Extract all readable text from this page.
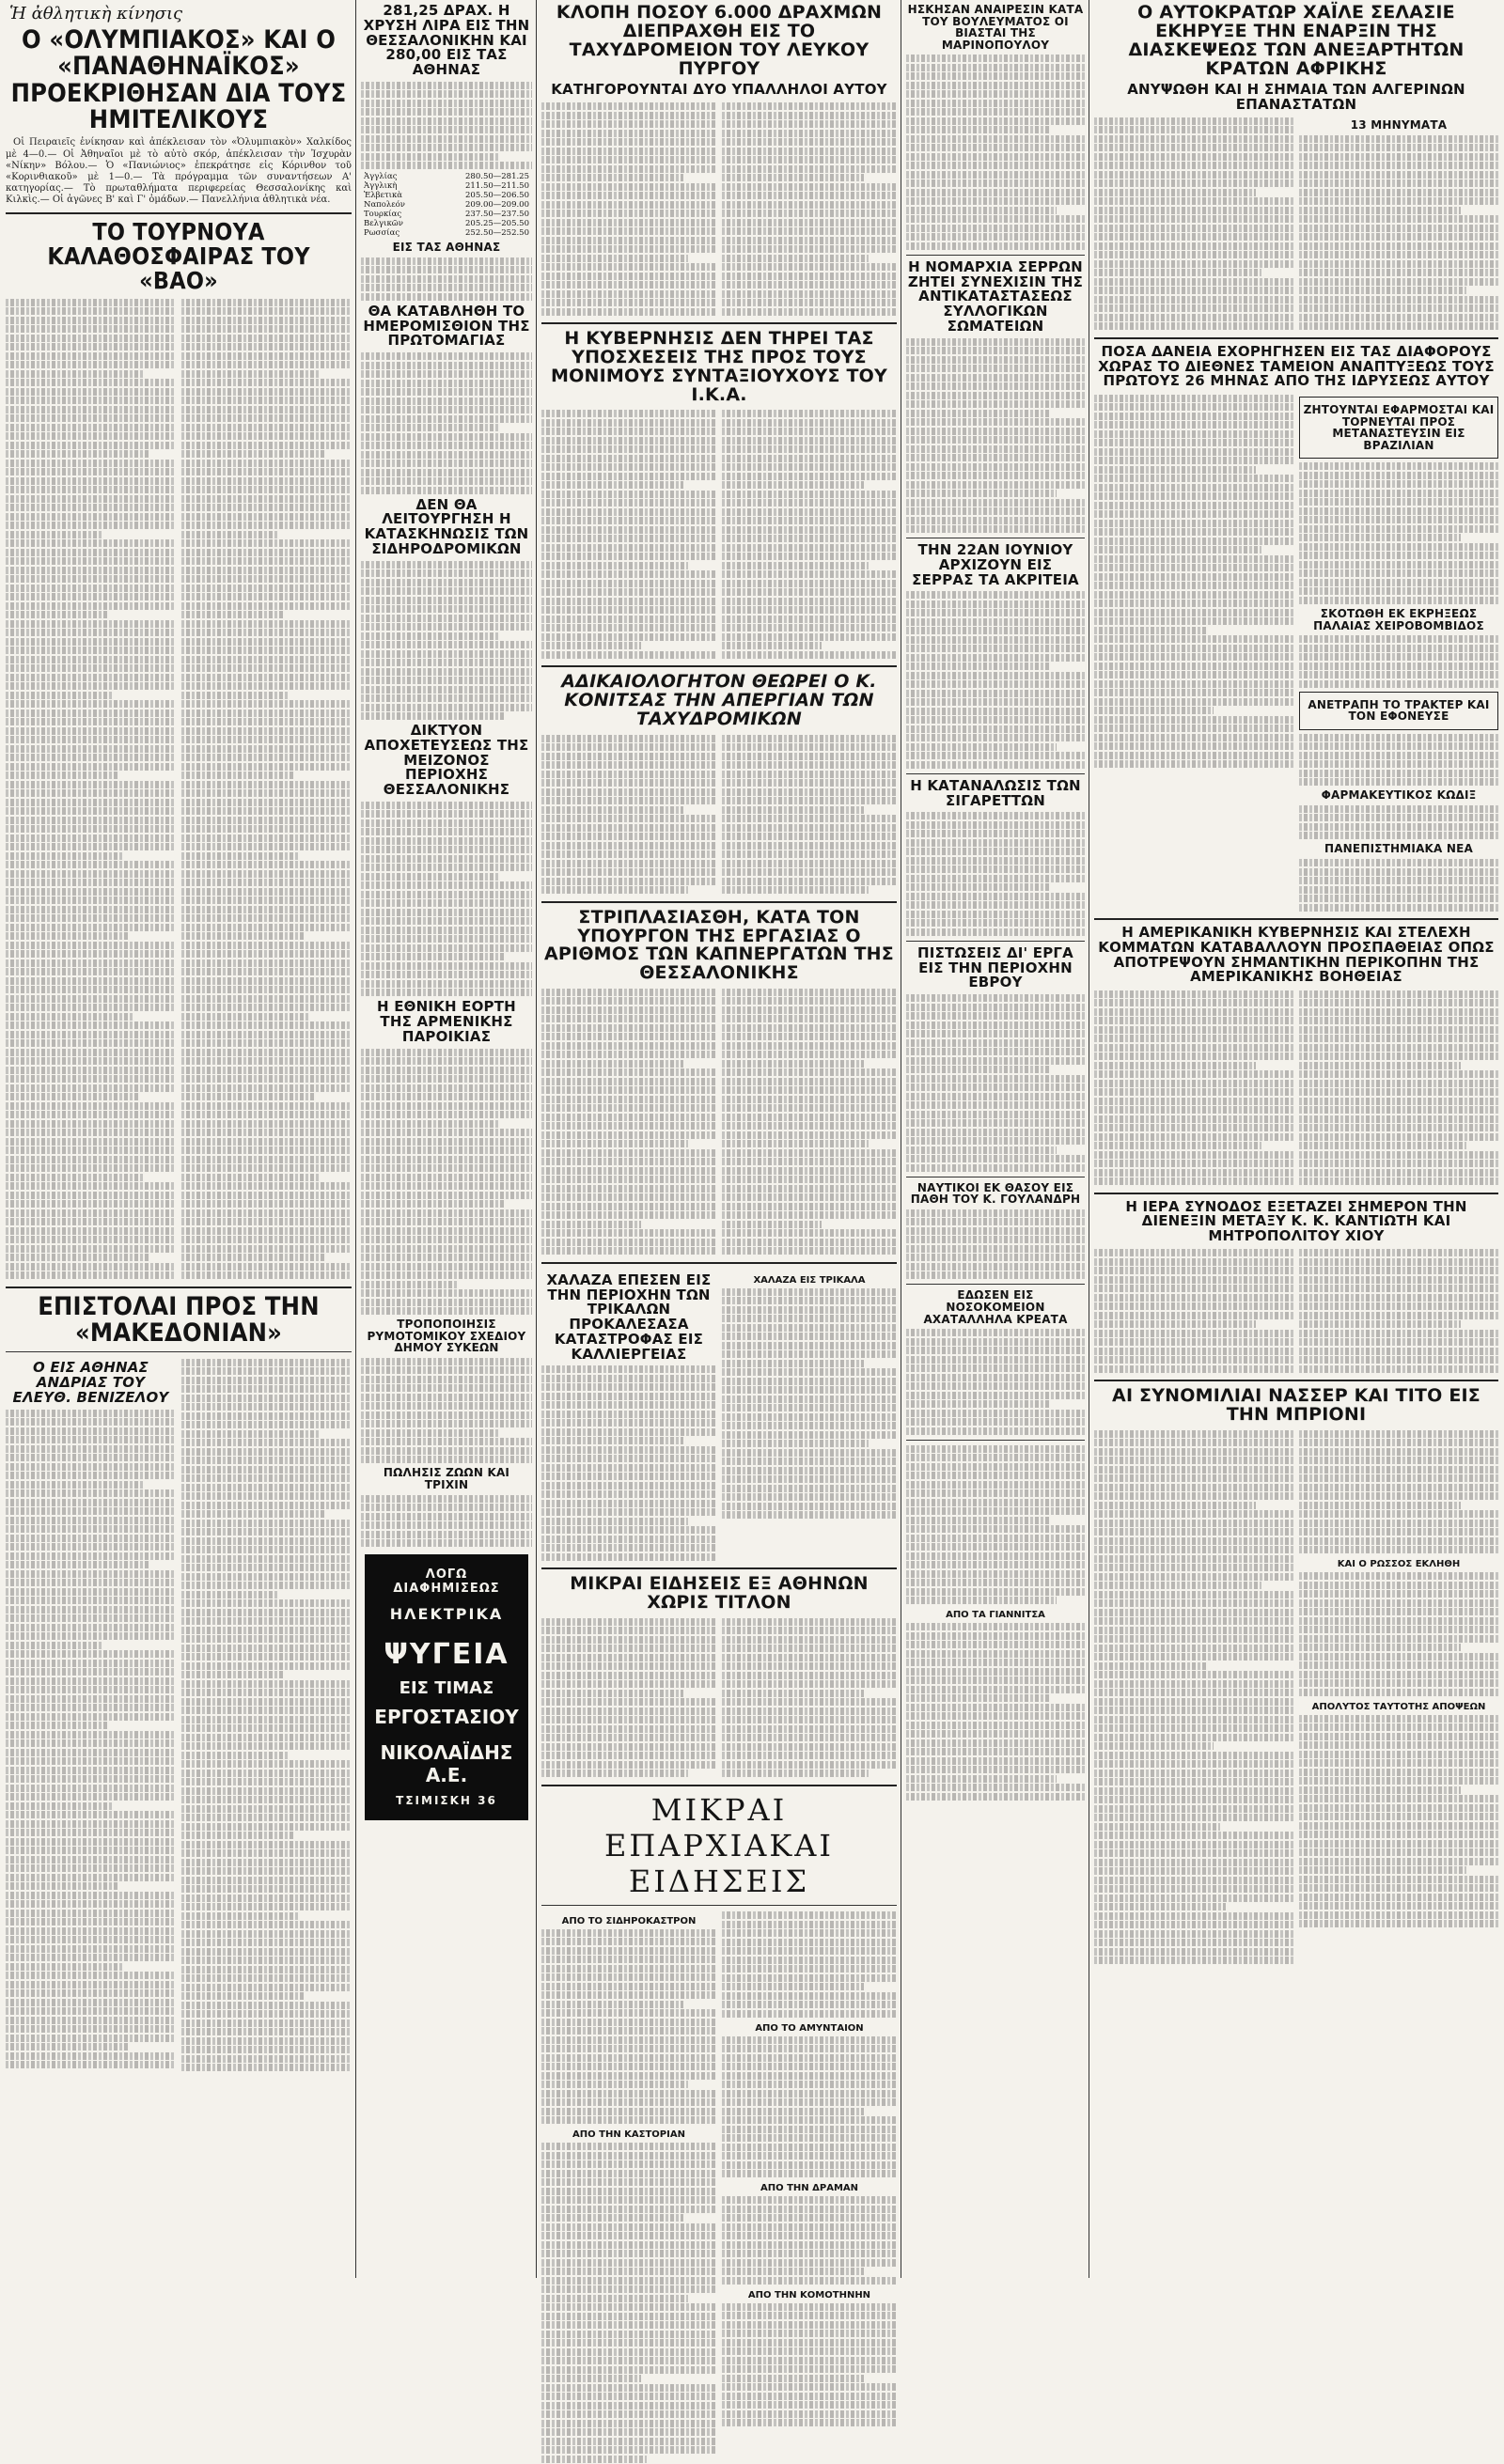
Ἡ ἀθλητικὴ κίνησις
Ο «ΟΛΥΜΠΙΑΚΟΣ» ΚΑΙ Ο «ΠΑΝΑΘΗΝΑΪΚΟΣ» ΠΡΟΕΚΡΙΘΗΣΑΝ ΔΙΑ ΤΟΥΣ ΗΜΙΤΕΛΙΚΟΥΣ
Οἱ Πειραιεῖς ἐνίκησαν καὶ ἀπέκλεισαν τὸν «Ὀλυμπιακὸν» Χαλκίδος μὲ 4—0.— Οἱ Ἀθηναῖοι μὲ τὸ αὐτὸ σκόρ, ἀπέκλεισαν τὴν Ἰσχυρὰν «Νίκην» Βόλου.— Ὁ «Πανιώνιος» ἐπεκράτησε εἰς Κόρινθον τοῦ «Κορινθιακοῦ» μὲ 1—0.— Τὰ πρόγραμμα τῶν συναντήσεων Α' κατηγορίας.— Τὸ πρωταθλήματα περιφερείας Θεσσαλονίκης καὶ Κιλκὶς.— Οἱ ἀγῶνες Β' καὶ Γ' ὁμάδων.— Πανελλήνια ἀθλητικὰ νέα.
ΤΟ ΤΟΥΡΝΟΥΑ ΚΑΛΑΘΟΣΦΑΙΡΑΣ ΤΟΥ «ΒΑΟ»
ΕΠΙΣΤΟΛΑΙ ΠΡΟΣ ΤΗΝ «ΜΑΚΕΔΟΝΙΑΝ»
Ο ΕΙΣ ΑΘΗΝΑΣ ΑΝΔΡΙΑΣ ΤΟΥ ΕΛΕΥΘ. ΒΕΝΙΖΕΛΟΥ
281,25 ΔΡΑΧ. Η ΧΡΥΣΗ ΛΙΡΑ ΕΙΣ ΤΗΝ ΘΕΣΣΑΛΟΝΙΚΗΝ ΚΑΙ 280,00 ΕΙΣ ΤΑΣ ΑΘΗΝΑΣ
Ἀγγλίας	280.50—281.25
Ἀγγλικὴ	211.50—211.50
Ἐλβετικὰ	205.50—206.50
Ναπολεόν	209.00—209.00
Τουρκίας	237.50—237.50
Βελγικῶν	205.25—205.50
Ρωσσίας	252.50—252.50
ΕΙΣ ΤΑΣ ΑΘΗΝΑΣ
ΘΑ ΚΑΤΑΒΛΗΘΗ ΤΟ ΗΜΕΡΟΜΙΣΘΙΟΝ ΤΗΣ ΠΡΩΤΟΜΑΓΙΑΣ
ΔΕΝ ΘΑ ΛΕΙΤΟΥΡΓΗΣΗ Η ΚΑΤΑΣΚΗΝΩΣΙΣ ΤΩΝ ΣΙΔΗΡΟΔΡΟΜΙΚΩΝ
ΔΙΚΤΥΟΝ ΑΠΟΧΕΤΕΥΣΕΩΣ ΤΗΣ ΜΕΙΖΟΝΟΣ ΠΕΡΙΟΧΗΣ ΘΕΣΣΑΛΟΝΙΚΗΣ
Η ΕΘΝΙΚΗ ΕΟΡΤΗ ΤΗΣ ΑΡΜΕΝΙΚΗΣ ΠΑΡΟΙΚΙΑΣ
ΤΡΟΠΟΠΟΙΗΣΙΣ ΡΥΜΟΤΟΜΙΚΟΥ ΣΧΕΔΙΟΥ ΔΗΜΟΥ ΣΥΚΕΩΝ
ΠΩΛΗΣΙΣ ΖΩΩΝ ΚΑΙ ΤΡΙΧΙΝ
ΛΟΓΩ ΔΙΑΦΗΜΙΣΕΩΣ
ΗΛΕΚΤΡΙΚΑ
ΨΥΓΕΙΑ
ΕΙΣ ΤΙΜΑΣ
ΕΡΓΟΣΤΑΣΙΟΥ
ΝΙΚΟΛΑΪΔΗΣ Α.Ε.
ΤΣΙΜΙΣΚΗ 36
ΚΛΟΠΗ ΠΟΣΟΥ 6.000 ΔΡΑΧΜΩΝ ΔΙΕΠΡΑΧΘΗ ΕΙΣ ΤΟ ΤΑΧΥΔΡΟΜΕΙΟΝ ΤΟΥ ΛΕΥΚΟΥ ΠΥΡΓΟΥ
ΚΑΤΗΓΟΡΟΥΝΤΑΙ ΔΥΟ ΥΠΑΛΛΗΛΟΙ ΑΥΤΟΥ
Η ΚΥΒΕΡΝΗΣΙΣ ΔΕΝ ΤΗΡΕΙ ΤΑΣ ΥΠΟΣΧΕΣΕΙΣ ΤΗΣ ΠΡΟΣ ΤΟΥΣ ΜΟΝΙΜΟΥΣ ΣΥΝΤΑΞΙΟΥΧΟΥΣ ΤΟΥ Ι.Κ.Α.
ΑΔΙΚΑΙΟΛΟΓΗΤΟΝ ΘΕΩΡΕΙ Ο Κ. ΚΟΝΙΤΣΑΣ ΤΗΝ ΑΠΕΡΓΙΑΝ ΤΩΝ ΤΑΧΥΔΡΟΜΙΚΩΝ
ΣΤΡΙΠΛΑΣΙΑΣΘΗ, ΚΑΤΑ ΤΟΝ ΥΠΟΥΡΓΟΝ ΤΗΣ ΕΡΓΑΣΙΑΣ Ο ΑΡΙΘΜΟΣ ΤΩΝ ΚΑΠΝΕΡΓΑΤΩΝ ΤΗΣ ΘΕΣΣΑΛΟΝΙΚΗΣ
ΧΑΛΑΖΑ ΕΠΕΣΕΝ ΕΙΣ ΤΗΝ ΠΕΡΙΟΧΗΝ ΤΩΝ ΤΡΙΚΑΛΩΝ ΠΡΟΚΑΛΕΣΑΣΑ ΚΑΤΑΣΤΡΟΦΑΣ ΕΙΣ ΚΑΛΛΙΕΡΓΕΙΑΣ
ΧΑΛΑΖΑ ΕΙΣ ΤΡΙΚΑΛΑ
ΜΙΚΡΑΙ ΕΙΔΗΣΕΙΣ ΕΞ ΑΘΗΝΩΝ ΧΩΡΙΣ ΤΙΤΛΟΝ
ΜΙΚΡΑΙ ΕΠΑΡΧΙΑΚΑΙ ΕΙΔΗΣΕΙΣ
ΑΠΟ ΤΟ ΣΙΔΗΡΟΚΑΣΤΡΟΝ
ΑΠΟ ΤΗΝ ΚΑΣΤΟΡΙΑΝ
ΑΠΟ ΤΟ ΑΜΥΝΤΑΙΟΝ
ΑΠΟ ΤΗΝ ΔΡΑΜΑΝ
ΑΠΟ ΤΗΝ ΚΟΜΟΤΗΝΗΝ
ΗΣΚΗΣΑΝ ΑΝΑΙΡΕΣΙΝ ΚΑΤΑ ΤΟΥ ΒΟΥΛΕΥΜΑΤΟΣ ΟΙ ΒΙΑΣΤΑΙ ΤΗΣ ΜΑΡΙΝΟΠΟΥΛΟΥ
Η ΝΟΜΑΡΧΙΑ ΣΕΡΡΩΝ ΖΗΤΕΙ ΣΥΝΕΧΙΣΙΝ ΤΗΣ ΑΝΤΙΚΑΤΑΣΤΑΣΕΩΣ ΣΥΛΛΟΓΙΚΩΝ ΣΩΜΑΤΕΙΩΝ
ΤΗΝ 22ΑΝ ΙΟΥΝΙΟΥ ΑΡΧΙΖΟΥΝ ΕΙΣ ΣΕΡΡΑΣ ΤΑ ΑΚΡΙΤΕΙΑ
Η ΚΑΤΑΝΑΛΩΣΙΣ ΤΩΝ ΣΙΓΑΡΕΤΤΩΝ
ΠΙΣΤΩΣΕΙΣ ΔΙ' ΕΡΓΑ ΕΙΣ ΤΗΝ ΠΕΡΙΟΧΗΝ ΕΒΡΟΥ
ΝΑΥΤΙΚΟΙ ΕΚ ΘΑΣΟΥ ΕΙΣ ΠΑΘΗ ΤΟΥ Κ. ΓΟΥΛΑΝΔΡΗ
ΕΔΩΣΕΝ ΕΙΣ ΝΟΣΟΚΟΜΕΙΟΝ ΑΧΑΤΑΛΛΗΛΑ ΚΡΕΑΤΑ
ΑΠΟ ΤΑ ΓΙΑΝΝΙΤΣΑ
Ο ΑΥΤΟΚΡΑΤΩΡ ΧΑΪΛΕ ΣΕΛΑΣΙΕ ΕΚΗΡΥΞΕ ΤΗΝ ΕΝΑΡΞΙΝ ΤΗΣ ΔΙΑΣΚΕΨΕΩΣ ΤΩΝ ΑΝΕΞΑΡΤΗΤΩΝ ΚΡΑΤΩΝ ΑΦΡΙΚΗΣ
ΑΝΥΨΩΘΗ ΚΑΙ Η ΣΗΜΑΙΑ ΤΩΝ ΑΛΓΕΡΙΝΩΝ ΕΠΑΝΑΣΤΑΤΩΝ
13 ΜΗΝΥΜΑΤΑ
ΠΟΣΑ ΔΑΝΕΙΑ ΕΧΟΡΗΓΗΣΕΝ ΕΙΣ ΤΑΣ ΔΙΑΦΟΡΟΥΣ ΧΩΡΑΣ ΤΟ ΔΙΕΘΝΕΣ ΤΑΜΕΙΟΝ ΑΝΑΠΤΥΞΕΩΣ ΤΟΥΣ ΠΡΩΤΟΥΣ 26 ΜΗΝΑΣ ΑΠΟ ΤΗΣ ΙΔΡΥΣΕΩΣ ΑΥΤΟΥ
ΖΗΤΟΥΝΤΑΙ ΕΦΑΡΜΟΣΤΑΙ ΚΑΙ ΤΟΡΝΕΥΤΑΙ ΠΡΟΣ ΜΕΤΑΝΑΣΤΕΥΣΙΝ ΕΙΣ ΒΡΑΖΙΛΙΑΝ
ΣΚΟΤΩΘΗ ΕΚ ΕΚΡΗΞΕΩΣ ΠΑΛΑΙΑΣ ΧΕΙΡΟΒΟΜΒΙΔΟΣ
ΑΝΕΤΡΑΠΗ ΤΟ ΤΡΑΚΤΕΡ ΚΑΙ ΤΟΝ ΕΦΟΝΕΥΣΕ
ΦΑΡΜΑΚΕΥΤΙΚΟΣ ΚΩΔΙΞ
ΠΑΝΕΠΙΣΤΗΜΙΑΚΑ ΝΕΑ
Η ΑΜΕΡΙΚΑΝΙΚΗ ΚΥΒΕΡΝΗΣΙΣ ΚΑΙ ΣΤΕΛΕΧΗ ΚΟΜΜΑΤΩΝ ΚΑΤΑΒΑΛΛΟΥΝ ΠΡΟΣΠΑΘΕΙΑΣ ΟΠΩΣ ΑΠΟΤΡΕΨΟΥΝ ΣΗΜΑΝΤΙΚΗΝ ΠΕΡΙΚΟΠΗΝ ΤΗΣ ΑΜΕΡΙΚΑΝΙΚΗΣ ΒΟΗΘΕΙΑΣ
Η ΙΕΡΑ ΣΥΝΟΔΟΣ ΕΞΕΤΑΖΕΙ ΣΗΜΕΡΟΝ ΤΗΝ ΔΙΕΝΕΞΙΝ ΜΕΤΑΞΥ Κ. Κ. ΚΑΝΤΙΩΤΗ ΚΑΙ ΜΗΤΡΟΠΟΛΙΤΟΥ ΧΙΟΥ
ΑΙ ΣΥΝΟΜΙΛΙΑΙ ΝΑΣΣΕΡ ΚΑΙ ΤΙΤΟ ΕΙΣ ΤΗΝ ΜΠΡΙΟΝΙ
ΚΑΙ Ο ΡΩΣΣΟΣ ΕΚΛΗΘΗ
ΑΠΟΛΥΤΟΣ ΤΑΥΤΟΤΗΣ ΑΠΟΨΕΩΝ
